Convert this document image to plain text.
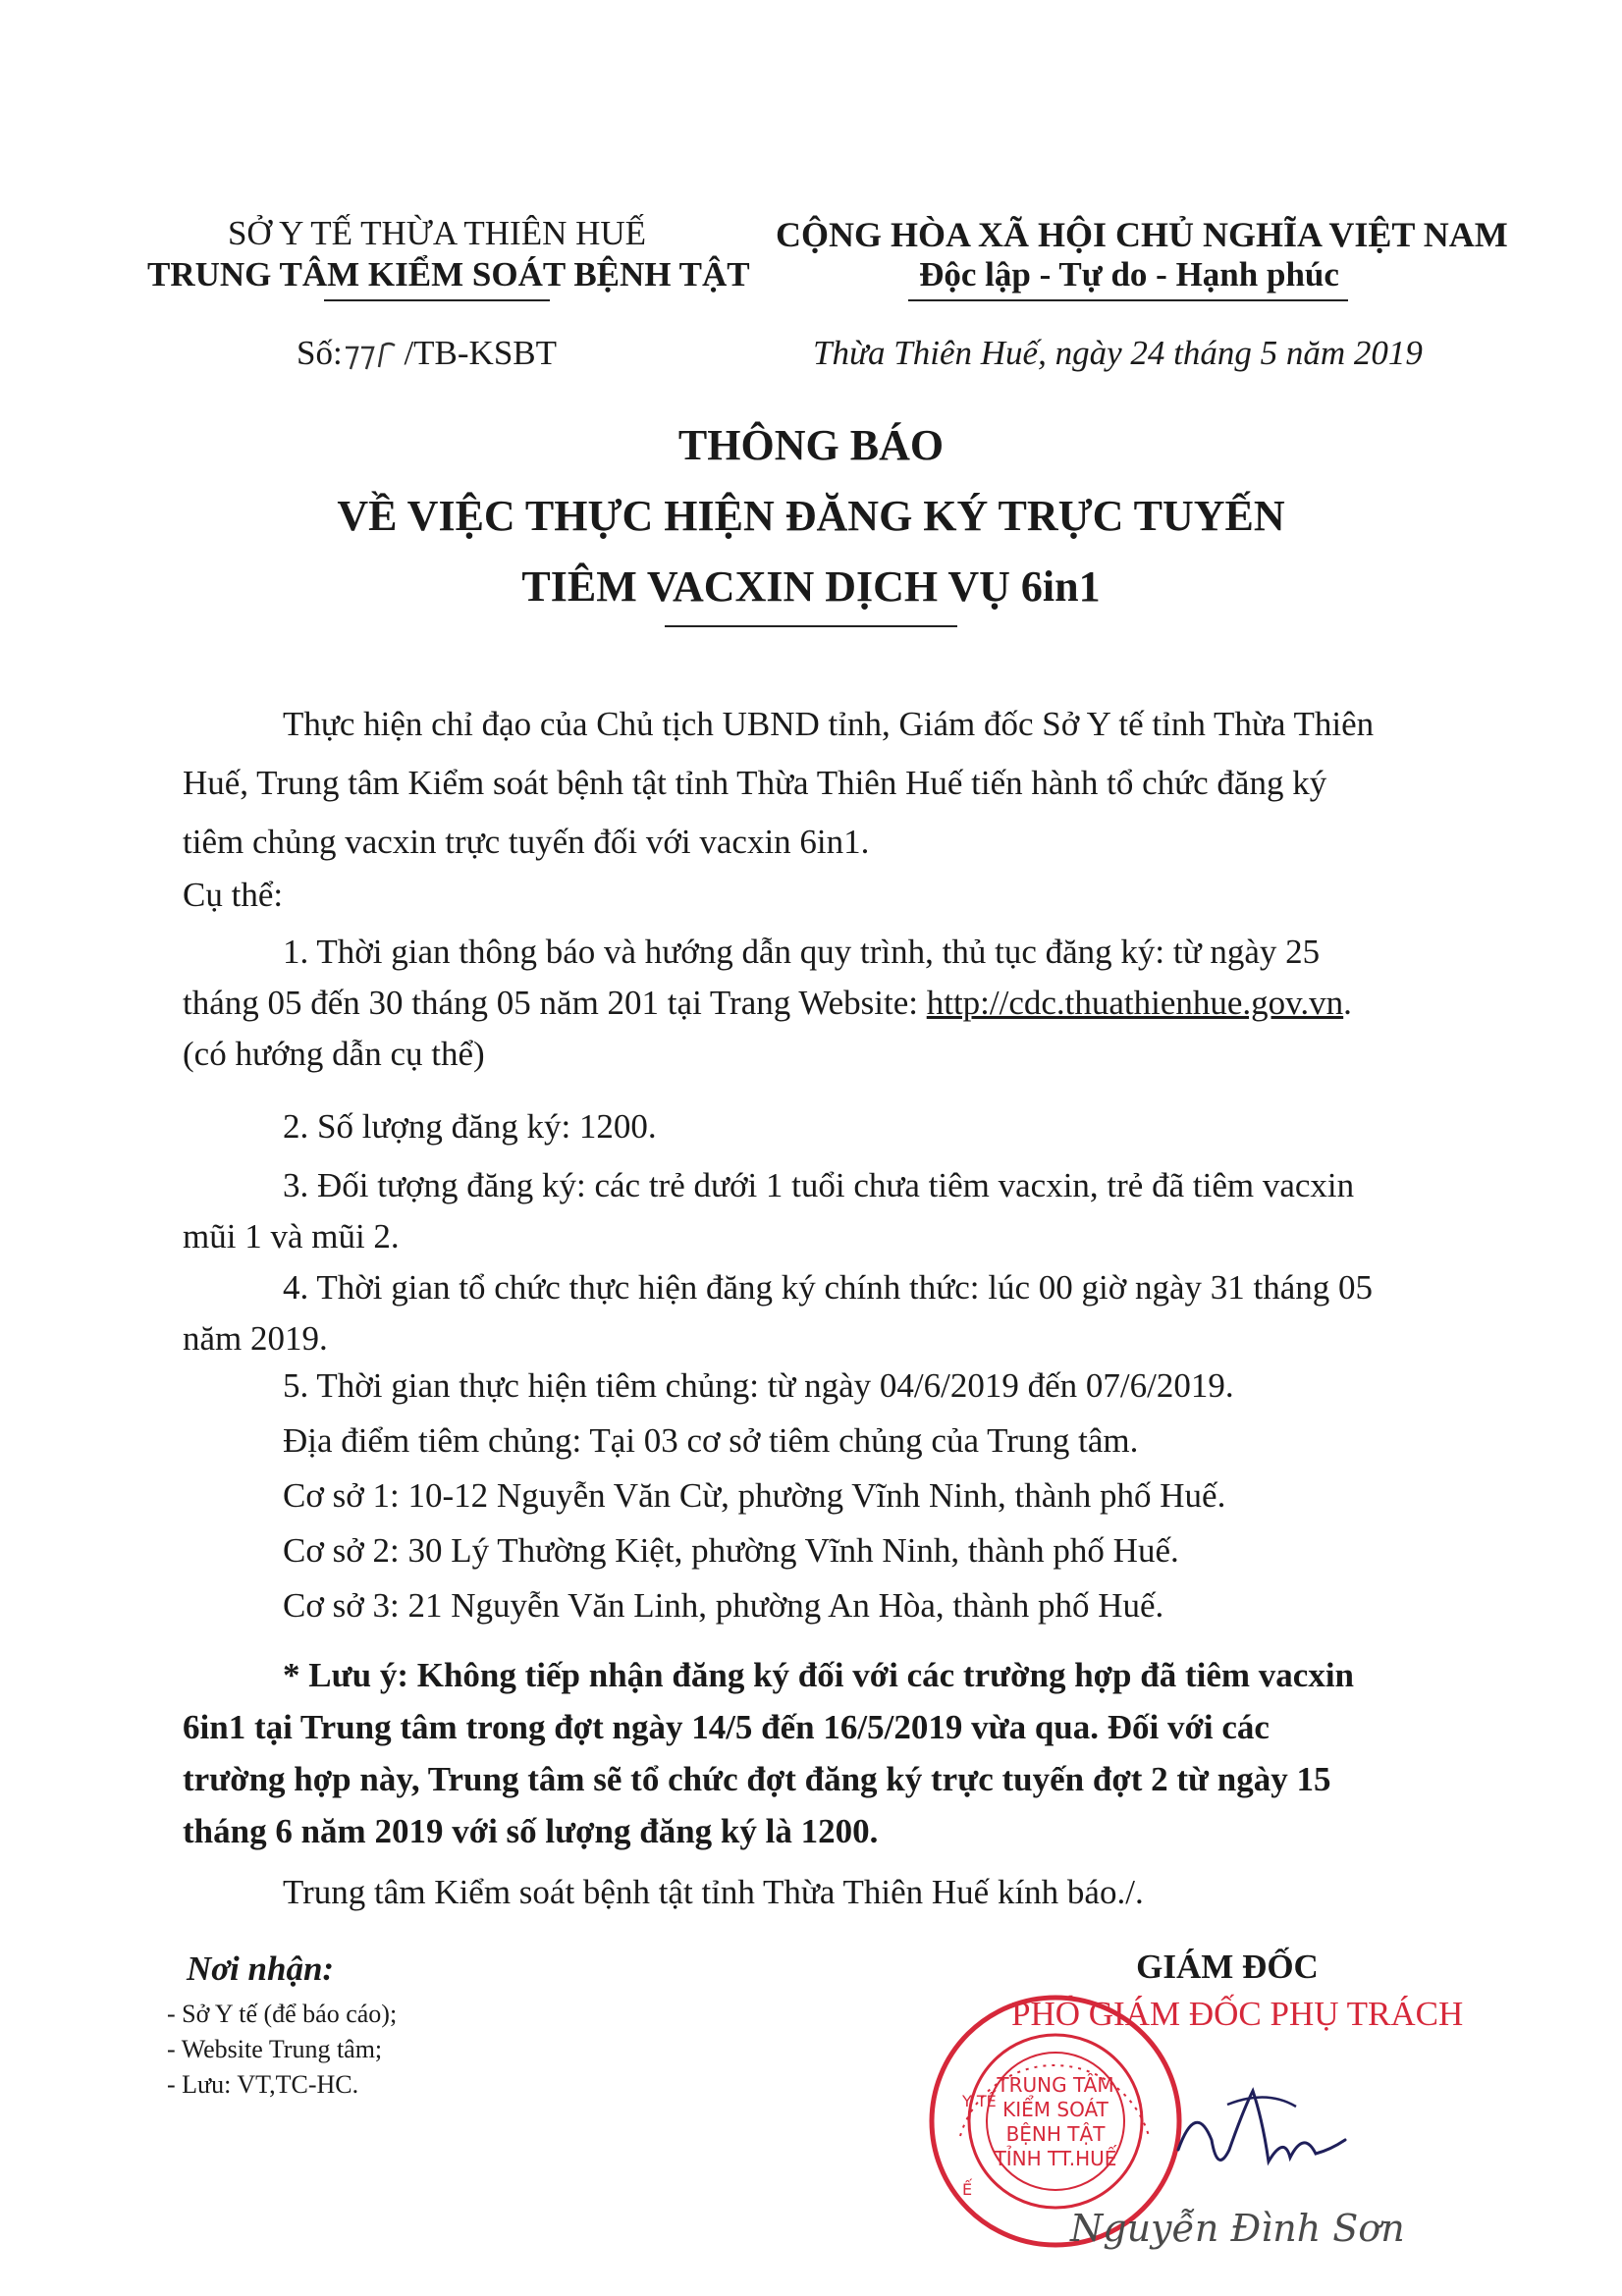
SỞ Y TẾ THỪA THIÊN HUẾ
TRUNG TÂM KIỂM SOÁT BỆNH TẬT
CỘNG HÒA XÃ HỘI CHỦ NGHĨA VIỆT NAM
Độc lập - Tự do - Hạnh phúc
Số: /TB-KSBT	Thừa Thiên Huế, ngày 24 tháng 5 năm 2019
THÔNG BÁO
VỀ VIỆC THỰC HIỆN ĐĂNG KÝ TRỰC TUYẾN
TIÊM VACXIN DỊCH VỤ 6in1
Thực hiện chỉ đạo của Chủ tịch UBND tỉnh, Giám đốc Sở Y tế tỉnh Thừa Thiên
Huế, Trung tâm Kiểm soát bệnh tật tỉnh Thừa Thiên Huế tiến hành tổ chức đăng ký
tiêm chủng vacxin trực tuyến đối với vacxin 6in1.
Cụ thể:
1. Thời gian thông báo và hướng dẫn quy trình, thủ tục đăng ký: từ ngày 25
tháng 05 đến 30 tháng 05 năm 201 tại Trang Website: http://cdc.thuathienhue.gov.vn.
(có hướng dẫn cụ thể)
2. Số lượng đăng ký: 1200.
3. Đối tượng đăng ký: các trẻ dưới 1 tuổi chưa tiêm vacxin, trẻ đã tiêm vacxin
mũi 1 và mũi 2.
4. Thời gian tổ chức thực hiện đăng ký chính thức: lúc 00 giờ ngày 31 tháng 05
năm 2019.
5. Thời gian thực hiện tiêm chủng: từ ngày 04/6/2019 đến 07/6/2019.
Địa điểm tiêm chủng: Tại 03 cơ sở tiêm chủng của Trung tâm.
Cơ sở 1: 10-12 Nguyễn Văn Cừ, phường Vĩnh Ninh, thành phố Huế.
Cơ sở 2: 30 Lý Thường Kiệt, phường Vĩnh Ninh, thành phố Huế.
Cơ sở 3: 21 Nguyễn Văn Linh, phường An Hòa, thành phố Huế.
* Lưu ý: Không tiếp nhận đăng ký đối với các trường hợp đã tiêm vacxin
6in1 tại Trung tâm trong đợt ngày 14/5 đến 16/5/2019 vừa qua. Đối với các
trường hợp này, Trung tâm sẽ tổ chức đợt đăng ký trực tuyến đợt 2 từ ngày 15
tháng 6 năm 2019 với số lượng đăng ký là 1200.
Trung tâm Kiểm soát bệnh tật tỉnh Thừa Thiên Huế kính báo./.
Nơi nhận:
- Sở Y tế (để báo cáo);
- Website Trung tâm;
- Lưu: VT,TC-HC.
GIÁM ĐỐC
TRUNG TÂM
KIỂM SOÁT
BỆNH TẬT
TỈNH TT.HUẾ
Y TẾ
Ế
PHÓ GIÁM ĐỐC PHỤ TRÁCH
Nguyễn Đình Sơn
